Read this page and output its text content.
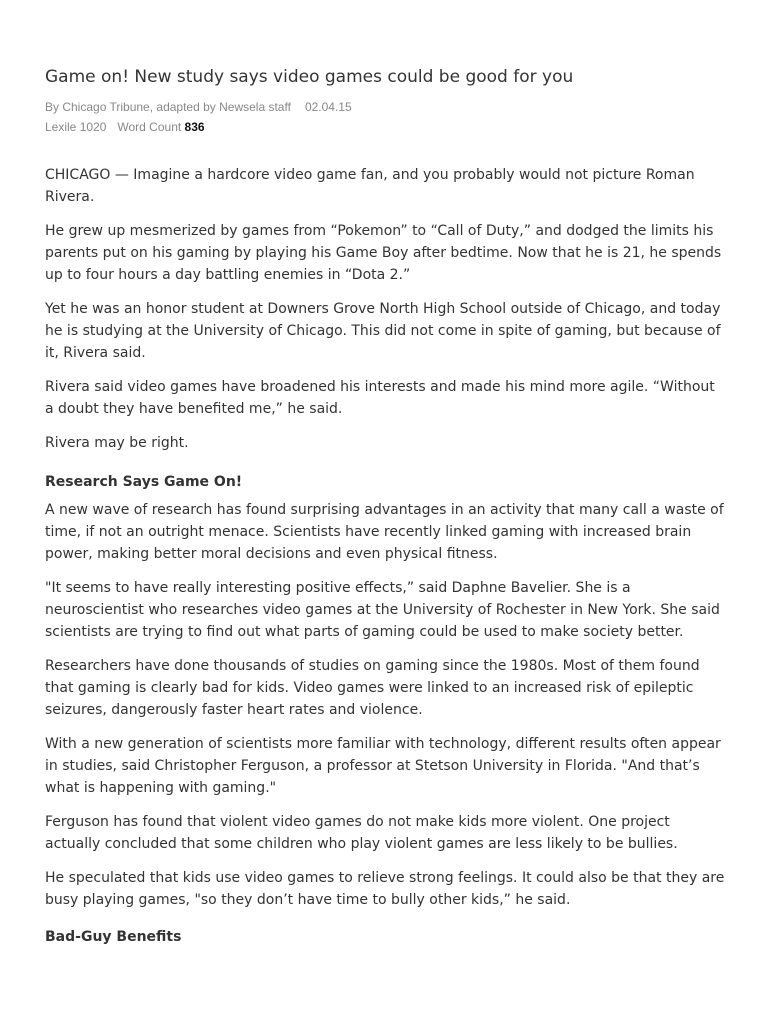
Game on! New study says video games could be good for you
By Chicago Tribune, adapted by Newsela staff 02.04.15
Lexile 1020 Word Count 836

CHICAGO — Imagine a hardcore video game fan, and you probably would not picture Roman Rivera.

He grew up mesmerized by games from “Pokemon” to “Call of Duty,” and dodged the limits his parents put on his gaming by playing his Game Boy after bedtime. Now that he is 21, he spends up to four hours a day battling enemies in “Dota 2.”

Yet he was an honor student at Downers Grove North High School outside of Chicago, and today he is studying at the University of Chicago. This did not come in spite of gaming, but because of it, Rivera said.

Rivera said video games have broadened his interests and made his mind more agile. “Without a doubt they have benefited me,” he said.

Rivera may be right.

Research Says Game On!

A new wave of research has found surprising advantages in an activity that many call a waste of time, if not an outright menace. Scientists have recently linked gaming with increased brain power, making better moral decisions and even physical fitness.

"It seems to have really interesting positive effects,” said Daphne Bavelier. She is a neuroscientist who researches video games at the University of Rochester in New York. She said scientists are trying to find out what parts of gaming could be used to make society better.

Researchers have done thousands of studies on gaming since the 1980s. Most of them found that gaming is clearly bad for kids. Video games were linked to an increased risk of epileptic seizures, dangerously faster heart rates and violence.

With a new generation of scientists more familiar with technology, different results often appear in studies, said Christopher Ferguson, a professor at Stetson University in Florida. "And that’s what is happening with gaming."

Ferguson has found that violent video games do not make kids more violent. One project actually concluded that some children who play violent games are less likely to be bullies.

He speculated that kids use video games to relieve strong feelings. It could also be that they are busy playing games, "so they don’t have time to bully other kids,” he said.

Bad-Guy Benefits
